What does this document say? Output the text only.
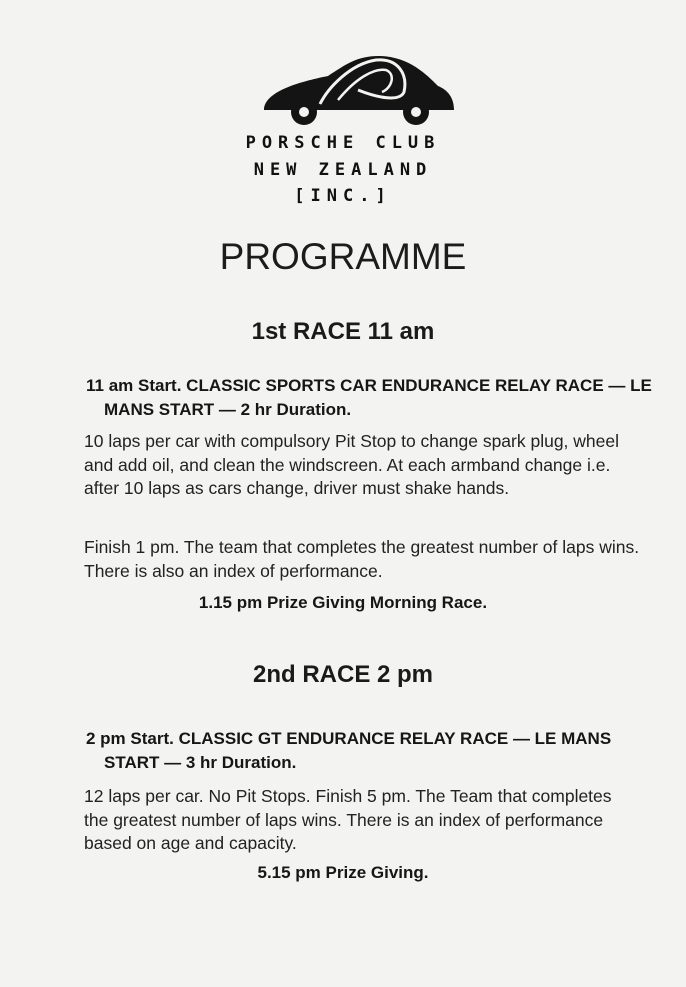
PORSCHE CLUB
NEW ZEALAND
[INC.]
PROGRAMME
1st RACE 11 am
11 am Start. CLASSIC SPORTS CAR ENDURANCE RELAY RACE — LE MANS START — 2 hr Duration.
10 laps per car with compulsory Pit Stop to change spark plug, wheel and add oil, and clean the windscreen. At each armband change i.e. after 10 laps as cars change, driver must shake hands.
Finish 1 pm. The team that completes the greatest number of laps wins. There is also an index of performance.
1.15 pm Prize Giving Morning Race.
2nd RACE 2 pm
2 pm Start. CLASSIC GT ENDURANCE RELAY RACE — LE MANS START — 3 hr Duration.
12 laps per car. No Pit Stops. Finish 5 pm. The Team that completes the greatest number of laps wins. There is an index of performance based on age and capacity.
5.15 pm Prize Giving.
